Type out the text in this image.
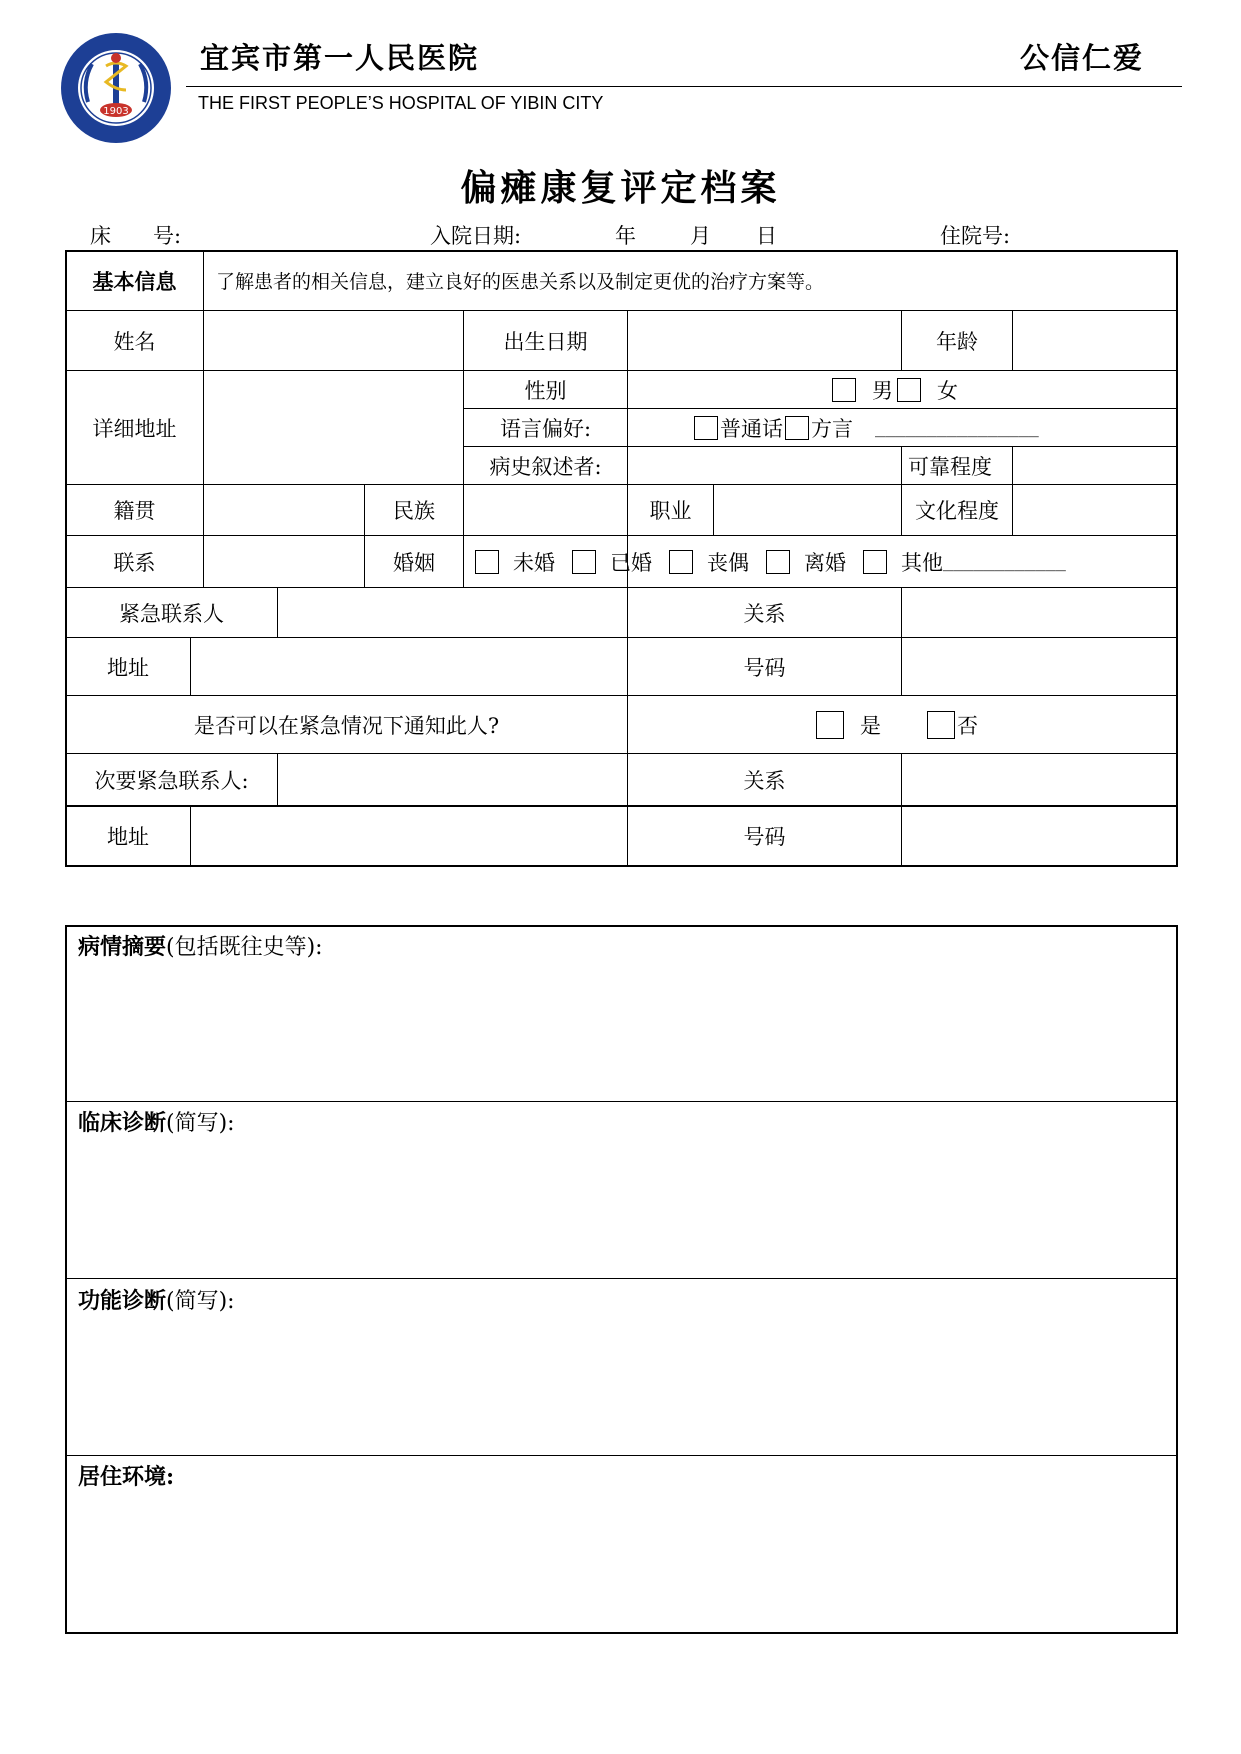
1903
宜宾市第一人民医院	公信仁爱
THE FIRST PEOPLE’S HOSPITAL OF YIBIN CITY
偏瘫康复评定档案
床　　号:	入院日期:	年	月 日	住院号:
基本信息	了解患者的相关信息，建立良好的医患关系以及制定更优的治疗方案等。
姓名	出生日期	年龄
详细地址
性别	男 女
语言偏好:	普通话 方言 ________________
病史叙述者:	可靠程度
籍贯	民族	职业	文化程度
联系	婚姻	未婚	已婚	丧偶	离婚	其他 ____________
紧急联系人	关系
地址	号码
是否可以在紧急情况下通知此人?	是	否
次要紧急联系人:	关系
地址	号码
病情摘要(包括既往史等):
临床诊断(简写):
功能诊断(简写):
居住环境:
